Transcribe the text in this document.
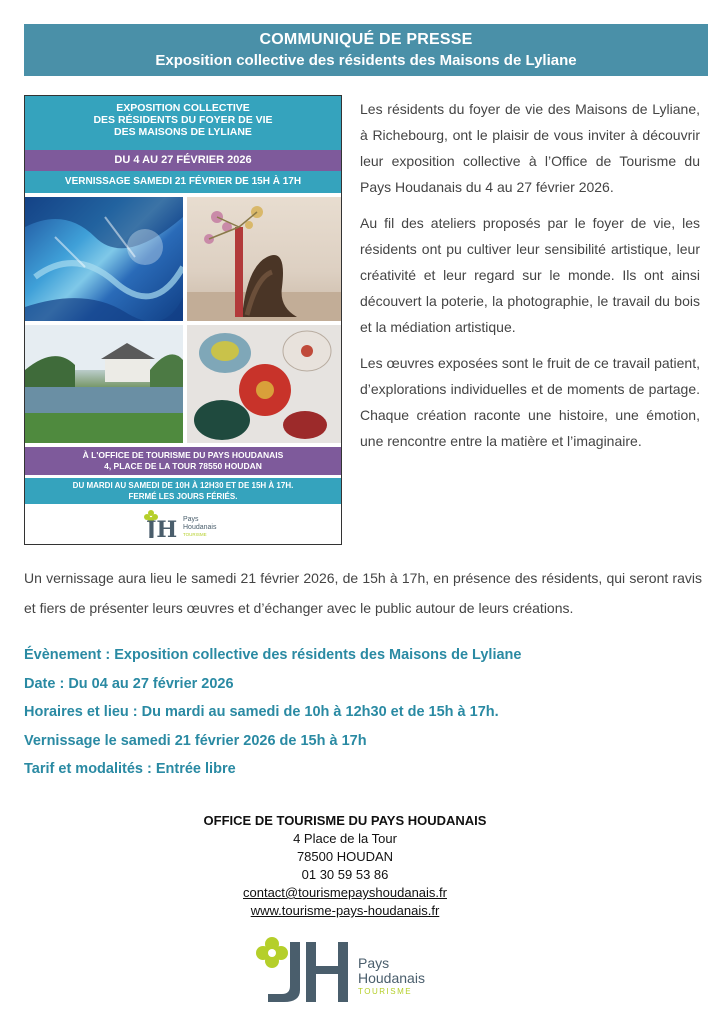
COMMUNIQUÉ DE PRESSE
Exposition collective des résidents des Maisons de Lyliane
EXPOSITION COLLECTIVE
DES RÉSIDENTS DU FOYER DE VIE
DES MAISONS DE LYLIANE
DU 4 AU 27 FÉVRIER 2026
VERNISSAGE SAMEDI 21 FÉVRIER DE 15H À 17H
À L'OFFICE DE TOURISME DU PAYS HOUDANAIS
4, PLACE DE LA TOUR 78550 HOUDAN
DU MARDI AU SAMEDI DE 10H À 12H30 ET DE 15H À 17H.
FERMÉ LES JOURS FÉRIÉS.
JH Pays
Houdanais
TOURISME

Les résidents du foyer de vie des Maisons de Lyliane, à Richebourg, ont le plaisir de vous inviter à découvrir leur exposition collective à l’Office de Tourisme du Pays Houdanais du 4 au 27 février 2026.

Au fil des ateliers proposés par le foyer de vie, les résidents ont pu cultiver leur sensibilité artistique, leur créativité et leur regard sur le monde. Ils ont ainsi découvert la poterie, la photographie, le travail du bois et la médiation artistique.

Les œuvres exposées sont le fruit de ce travail patient, d’explorations individuelles et de moments de partage. Chaque création raconte une histoire, une émotion, une rencontre entre la matière et l’imaginaire.

Un vernissage aura lieu le samedi 21 février 2026, de 15h à 17h, en présence des résidents, qui seront ravis et fiers de présenter leurs œuvres et d’échanger avec le public autour de leurs créations.
Évènement : Exposition collective des résidents des Maisons de Lyliane
Date : Du 04 au 27 février 2026
Horaires et lieu : Du mardi au samedi de 10h à 12h30 et de 15h à 17h.
Vernissage le samedi 21 février 2026 de 15h à 17h
Tarif et modalités : Entrée libre
OFFICE DE TOURISME DU PAYS HOUDANAIS
4 Place de la Tour
78500 HOUDAN
01 30 59 53 86
contact@tourismepayshoudanais.fr
www.tourisme-pays-houdanais.fr
Pays
Houdanais
TOURISME
